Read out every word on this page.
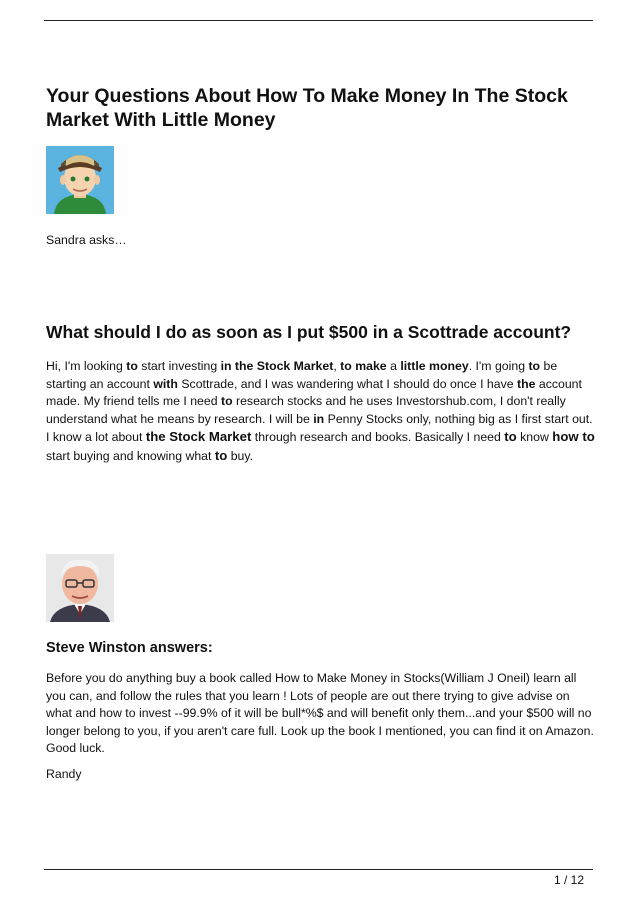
Your Questions About How To Make Money In The Stock Market With Little Money

Sandra asks…

What should I do as soon as I put $500 in a Scottrade account?

Hi, I'm looking to start investing in the Stock Market, to make a little money. I'm going to be starting an account with Scottrade, and I was wandering what I should do once I have the account made. My friend tells me I need to research stocks and he uses Investorshub.com, I don't really understand what he means by research. I will be in Penny Stocks only, nothing big as I first start out. I know a lot about the Stock Market through research and books. Basically I need to know how to start buying and knowing what to buy.

Steve Winston answers:

Before you do anything buy a book called How to Make Money in Stocks(William J Oneil) learn all you can, and follow the rules that you learn ! Lots of people are out there trying to give advise on what and how to invest --99.9% of it will be bull*%$ and will benefit only them...and your $500 will no longer belong to you, if you aren't care full. Look up the book I mentioned, you can find it on Amazon. Good luck.

Randy

1 / 12
